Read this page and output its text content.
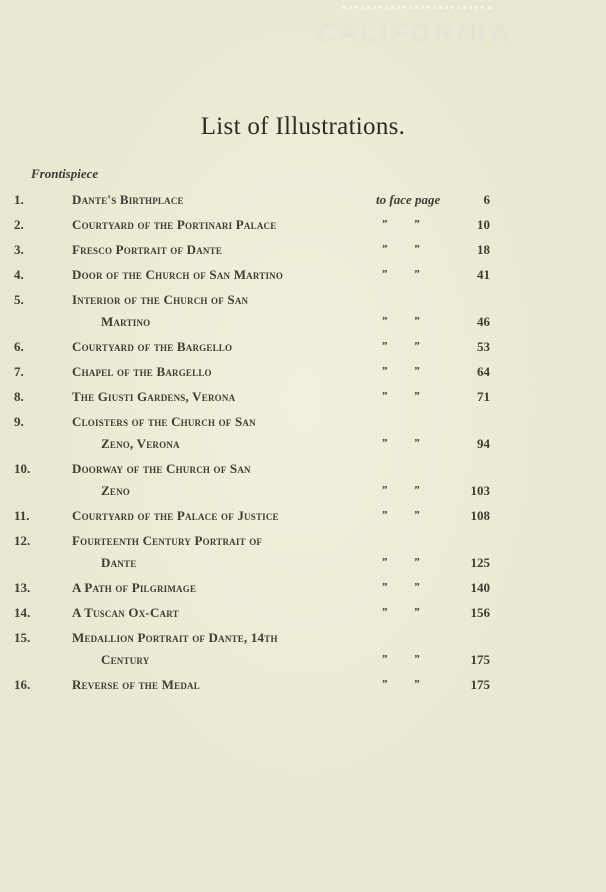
CALIFORNIA
List of Illustrations.
Frontispiece
1.	Dante's Birthplace	to face page	6
2.	Courtyard of the Portinari Palace	” ”	10
3.	Fresco Portrait of Dante	” ”	18
4.	Door of the Church of San Martino	” ”	41
5.	Interior of the Church of San
Martino	” ”	46
6.	Courtyard of the Bargello	” ”	53
7.	Chapel of the Bargello	” ”	64
8.	The Giusti Gardens, Verona	” ”	71
9.	Cloisters of the Church of San
Zeno, Verona	” ”	94
10.	Doorway of the Church of San
Zeno	” ”	103
11.	Courtyard of the Palace of Justice	” ”	108
12.	Fourteenth Century Portrait of
Dante	” ”	125
13.	A Path of Pilgrimage	” ”	140
14.	A Tuscan Ox-Cart	” ”	156
15.	Medallion Portrait of Dante, 14th
Century	” ”	175
16.	Reverse of the Medal	” ”	175
